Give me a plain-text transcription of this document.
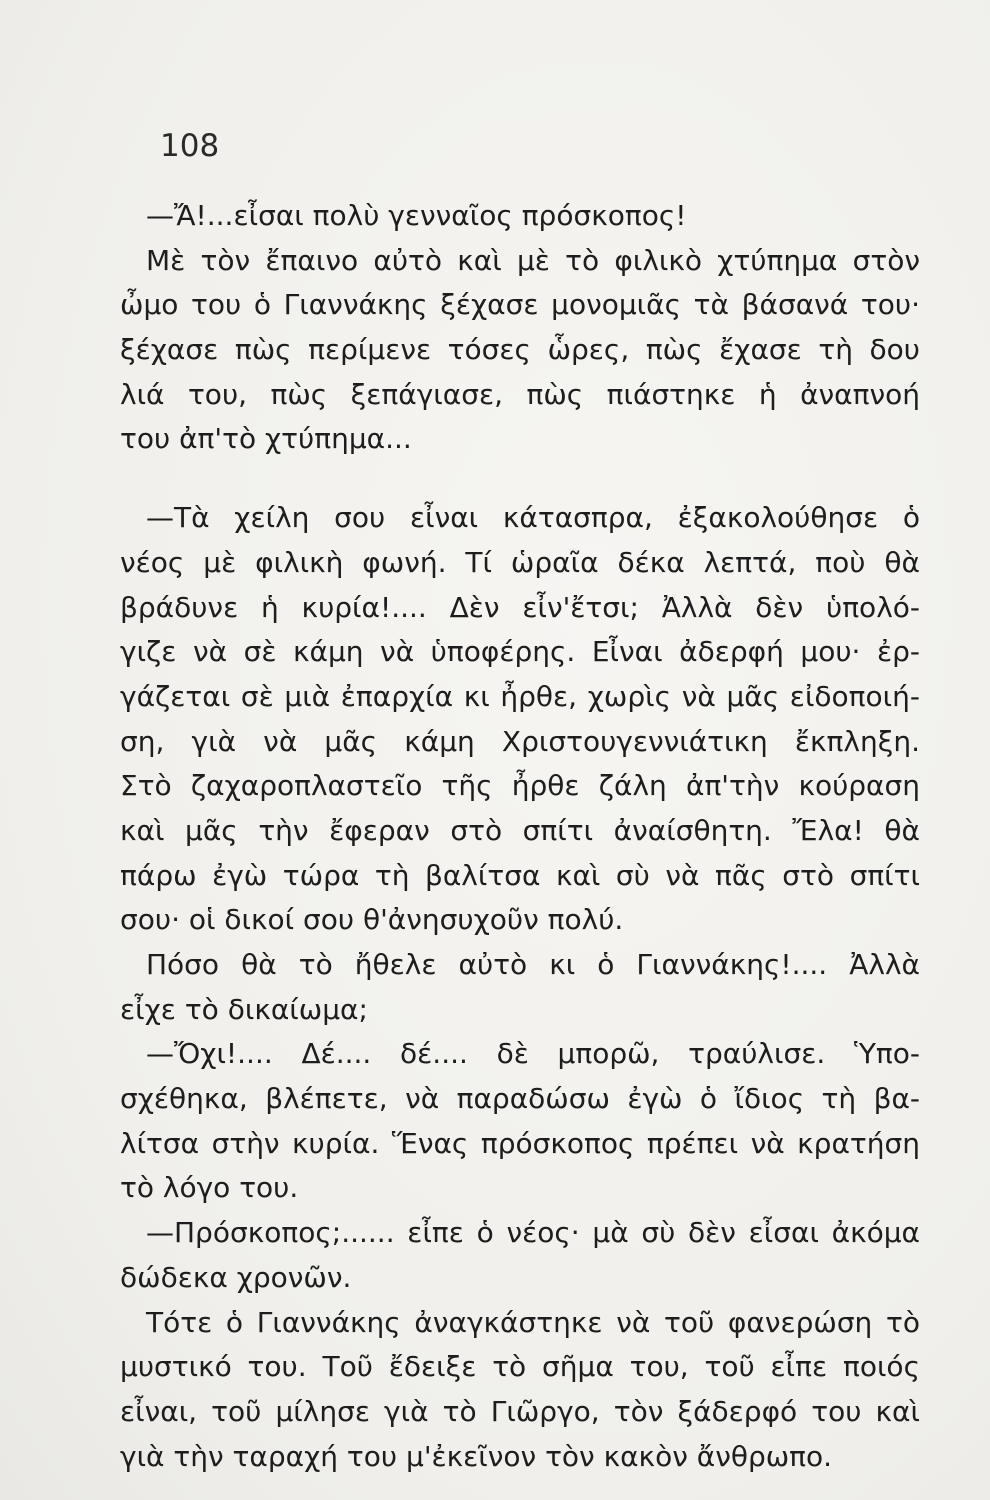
108
—Ἄ!...εἶσαι πολὺ γενναῖος πρόσκοπος!
Μὲ τὸν ἔπαινο αὐτὸ καὶ μὲ τὸ φιλικὸ χτύπημα στὸν
ὦμο του ὁ Γιαννάκης ξέχασε μονομιᾶς τὰ βάσανά του·
ξέχασε πὼς περίμενε τόσες ὧρες, πὼς ἔχασε τὴ δου
λιά του, πὼς ξεπάγιασε, πὼς πιάστηκε ἡ ἀναπνοή
του ἀπ'τὸ χτύπημα...
—Τὰ χείλη σου εἶναι κάτασπρα, ἐξακολούθησε ὁ
νέος μὲ φιλικὴ φωνή. Τί ὡραῖα δέκα λεπτά, ποὺ θὰ
βράδυνε ἡ κυρία!.... Δὲν εἶν'ἔτσι; Ἀλλὰ δὲν ὑπολό-
γιζε νὰ σὲ κάμη νὰ ὑποφέρης. Εἶναι ἀδερφή μου· ἐρ-
γάζεται σὲ μιὰ ἐπαρχία κι ἦρθε, χωρὶς νὰ μᾶς εἰδοποιή-
ση, γιὰ νὰ μᾶς κάμη Χριστουγεννιάτικη ἔκπληξη.
Στὸ ζαχαροπλαστεῖο τῆς ἦρθε ζάλη ἀπ'τὴν κούραση
καὶ μᾶς τὴν ἔφεραν στὸ σπίτι ἀναίσθητη. Ἔλα! θὰ
πάρω ἐγὼ τώρα τὴ βαλίτσα καὶ σὺ νὰ πᾶς στὸ σπίτι
σου· οἱ δικοί σου θ'ἀνησυχοῦν πολύ.
Πόσο θὰ τὸ ἤθελε αὐτὸ κι ὁ Γιαννάκης!.... Ἀλλὰ
εἶχε τὸ δικαίωμα;
—Ὄχι!.... Δέ.... δέ.... δὲ μπορῶ, τραύλισε. Ὑπο-
σχέθηκα, βλέπετε, νὰ παραδώσω ἐγὼ ὁ ἴδιος τὴ βα-
λίτσα στὴν κυρία. Ἕνας πρόσκοπος πρέπει νὰ κρατήση
τὸ λόγο του.
—Πρόσκοπος;...... εἶπε ὁ νέος· μὰ σὺ δὲν εἶσαι ἀκόμα
δώδεκα χρονῶν.
Τότε ὁ Γιαννάκης ἀναγκάστηκε νὰ τοῦ φανερώση τὸ
μυστικό του. Τοῦ ἔδειξε τὸ σῆμα του, τοῦ εἶπε ποιός
εἶναι, τοῦ μίλησε γιὰ τὸ Γιῶργο, τὸν ξάδερφό του καὶ
γιὰ τὴν ταραχή του μ'ἐκεῖνον τὸν κακὸν ἄνθρωπο.
